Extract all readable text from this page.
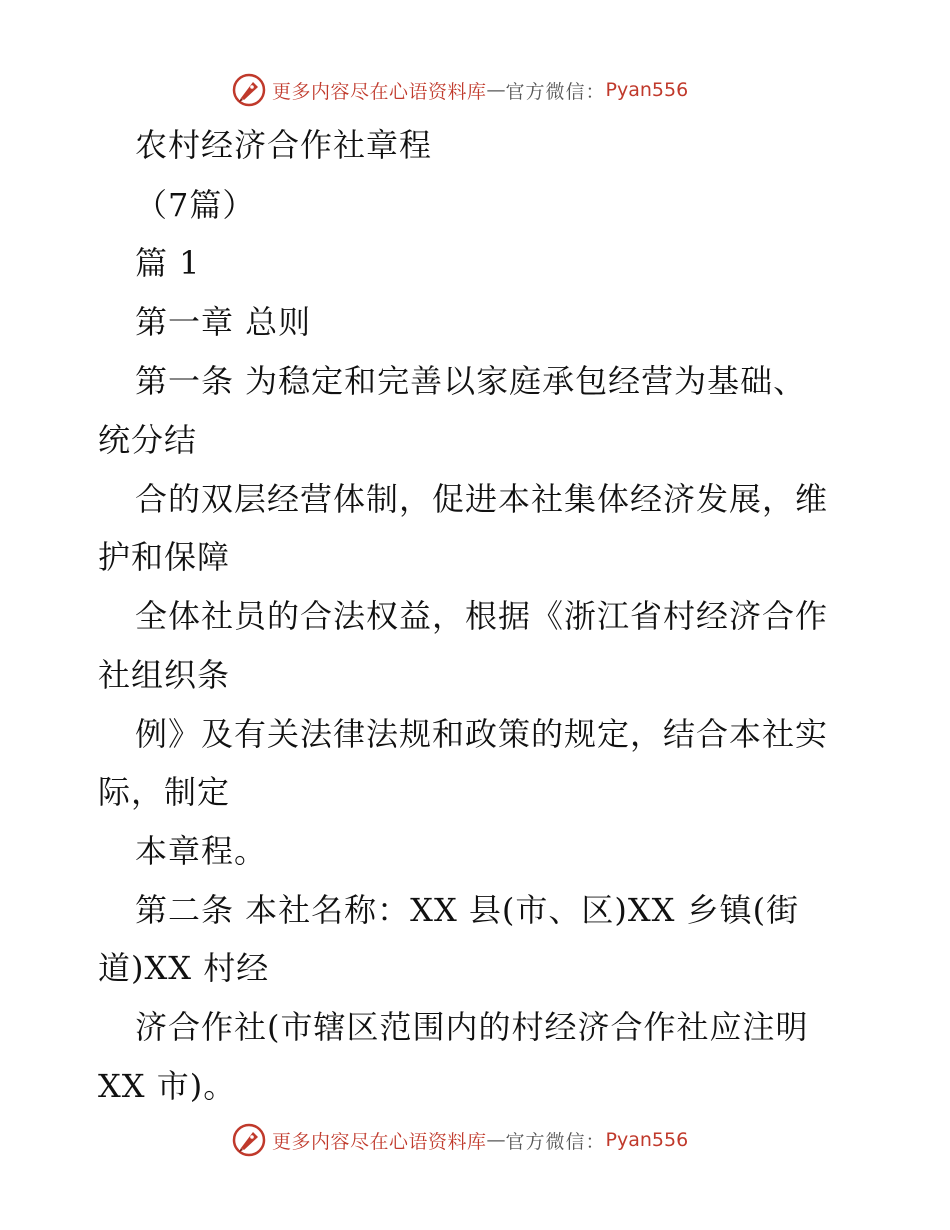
更多内容尽在心语资料库 — 官方微信： Pyan556
农村经济合作社章程
（7篇）
篇 1
第一章 总则
第一条 为稳定和完善以家庭承包经营为基础、
统分结
合的双层经营体制，促进本社集体经济发展，维
护和保障
全体社员的合法权益，根据《浙江省村经济合作
社组织条
例》及有关法律法规和政策的规定，结合本社实
际，制定
本章程。
第二条 本社名称：XX 县(市、区)XX 乡镇(街
道)XX 村经
济合作社(市辖区范围内的村经济合作社应注明
XX 市)。
更多内容尽在心语资料库 — 官方微信： Pyan556
